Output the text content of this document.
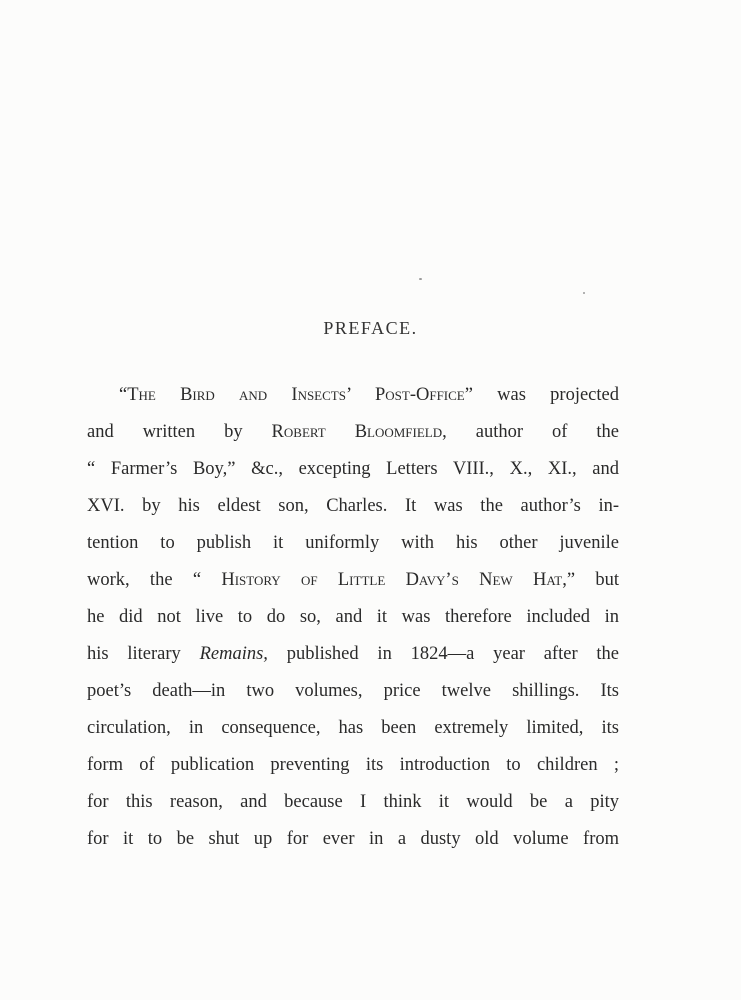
PREFACE.
“The Bird and Insects’ Post-Office” was projected
and written by Robert Bloomfield, author of the
“ Farmer’s Boy,” &c., excepting Letters VIII., X., XI., and
XVI. by his eldest son, Charles. It was the author’s in-
tention to publish it uniformly with his other juvenile
work, the “ History of Little Davy’s New Hat,” but
he did not live to do so, and it was therefore included in
his literary Remains, published in 1824—a year after the
poet’s death—in two volumes, price twelve shillings. Its
circulation, in consequence, has been extremely limited, its
form of publication preventing its introduction to children ;
for this reason, and because I think it would be a pity
for it to be shut up for ever in a dusty old volume from
